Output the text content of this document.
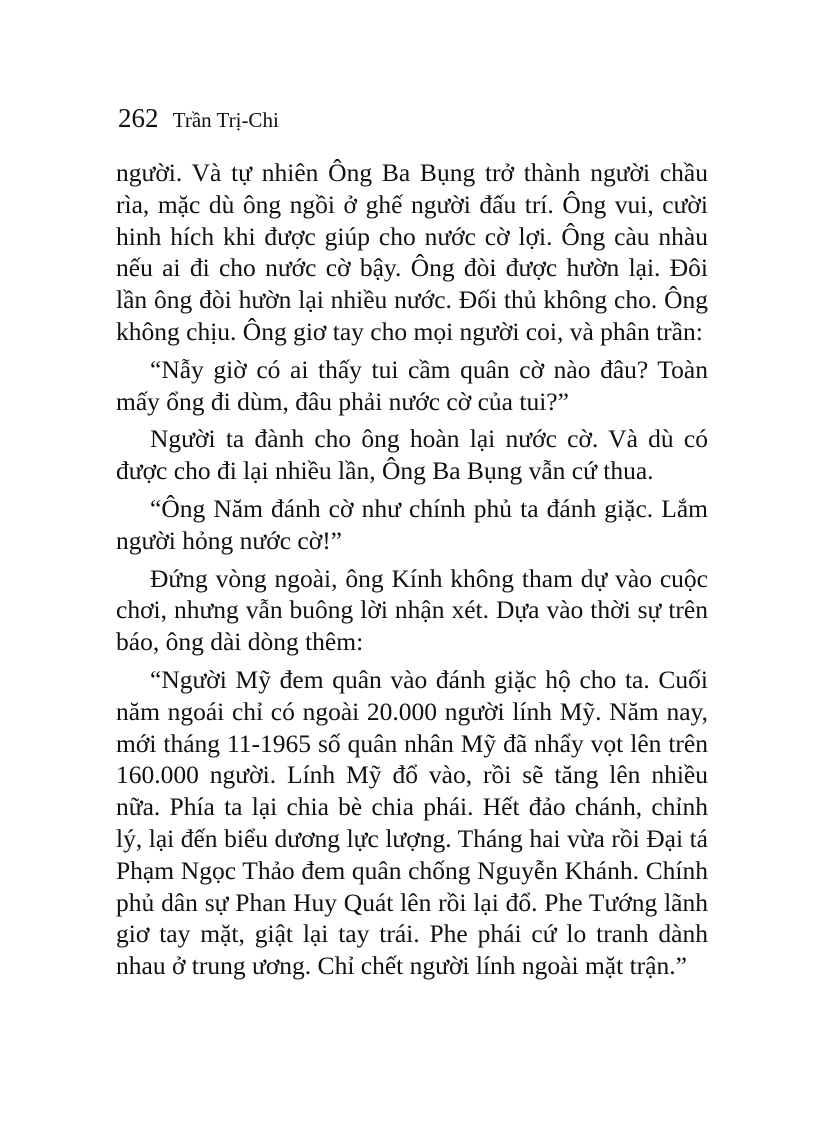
262 Trần Trị-Chi

người. Và tự nhiên Ông Ba Bụng trở thành người chầu rìa, mặc dù ông ngồi ở ghế người đấu trí. Ông vui, cười hinh hích khi được giúp cho nước cờ lợi. Ông càu nhàu nếu ai đi cho nước cờ bậy. Ông đòi được hườn lại. Đôi lần ông đòi hườn lại nhiều nước. Đối thủ không cho. Ông không chịu. Ông giơ tay cho mọi người coi, và phân trần:

“Nẫy giờ có ai thấy tui cầm quân cờ nào đâu? Toàn mấy ổng đi dùm, đâu phải nước cờ của tui?”

Người ta đành cho ông hoàn lại nước cờ. Và dù có được cho đi lại nhiều lần, Ông Ba Bụng vẫn cứ thua.

“Ông Năm đánh cờ như chính phủ ta đánh giặc. Lắm người hỏng nước cờ!”

Đứng vòng ngoài, ông Kính không tham dự vào cuộc chơi, nhưng vẫn buông lời nhận xét. Dựa vào thời sự trên báo, ông dài dòng thêm:

“Người Mỹ đem quân vào đánh giặc hộ cho ta. Cuối năm ngoái chỉ có ngoài 20.000 người lính Mỹ. Năm nay, mới tháng 11-1965 số quân nhân Mỹ đã nhẩy vọt lên trên 160.000 người. Lính Mỹ đổ vào, rồi sẽ tăng lên nhiều nữa. Phía ta lại chia bè chia phái. Hết đảo chánh, chỉnh lý, lại đến biểu dương lực lượng. Tháng hai vừa rồi Đại tá Phạm Ngọc Thảo đem quân chống Nguyễn Khánh. Chính phủ dân sự Phan Huy Quát lên rồi lại đổ. Phe Tướng lãnh giơ tay mặt, giật lại tay trái. Phe phái cứ lo tranh dành nhau ở trung ương. Chỉ chết người lính ngoài mặt trận.”
